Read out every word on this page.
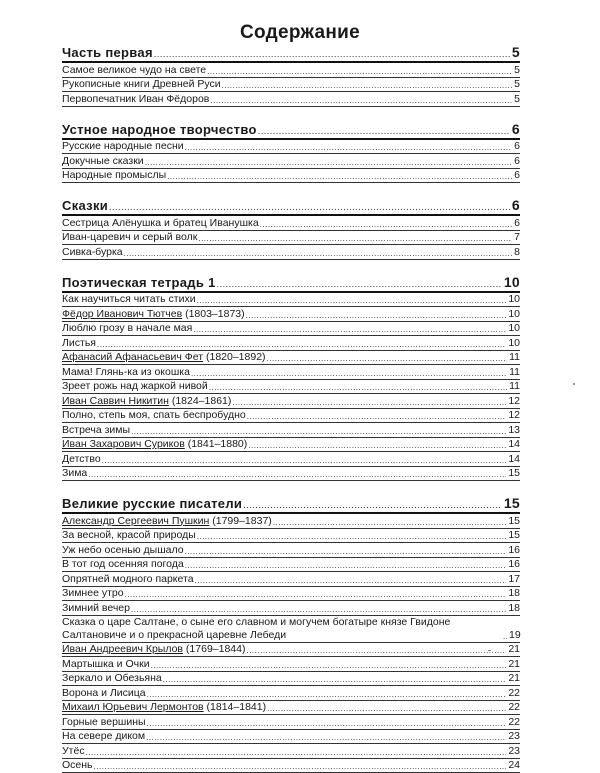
Содержание
Часть первая .....	5
Самое великое чудо на свете .....	5
Рукописные книги Древней Руси .....	5
Первопечатник Иван Фёдоров .....	5
Устное народное творчество .....	6
Русские народные песни .....	6
Докучные сказки .....	6
Народные промыслы .....	6
Сказки .....	6
Сестрица Алёнушка и братец Иванушка .....	6
Иван-царевич и серый волк .....	7
Сивка-бурка .....	8
Поэтическая тетрадь 1 .....	10
Как научиться читать стихи .....	10
Фёдор Иванович Тютчев (1803–1873) .....	10
Люблю грозу в начале мая .....	10
Листья .....	10
Афанасий Афанасьевич Фет (1820–1892) .....	11
Мама! Глянь-ка из окошка .....	11
Зреет рожь над жаркой нивой .....	11
Иван Саввич Никитин (1824–1861) .....	12
Полно, степь моя, спать беспробудно .....	12
Встреча зимы .....	13
Иван Захарович Суриков (1841–1880) .....	14
Детство .....	14
Зима .....	15
Великие русские писатели .....	15
Александр Сергеевич Пушкин (1799–1837) .....	15
За весной, красой природы .....	15
Уж небо осенью дышало .....	16
В тот год осенняя погода .....	16
Опрятней модного паркета .....	17
Зимнее утро .....	18
Зимний вечер .....	18
Сказка о царе Салтане, о сыне его славном и могучем богатыре князе Гвидоне Салтановиче и о прекрасной царевне Лебеди .....	19
Иван Андреевич Крылов (1769–1844) .....	21
Мартышка и Очки .....	21
Зеркало и Обезьяна .....	21
Ворона и Лисица .....	22
Михаил Юрьевич Лермонтов (1814–1841) .....	22
Горные вершины .....	22
На севере диком .....	23
Утёс .....	23
Осень .....	24
